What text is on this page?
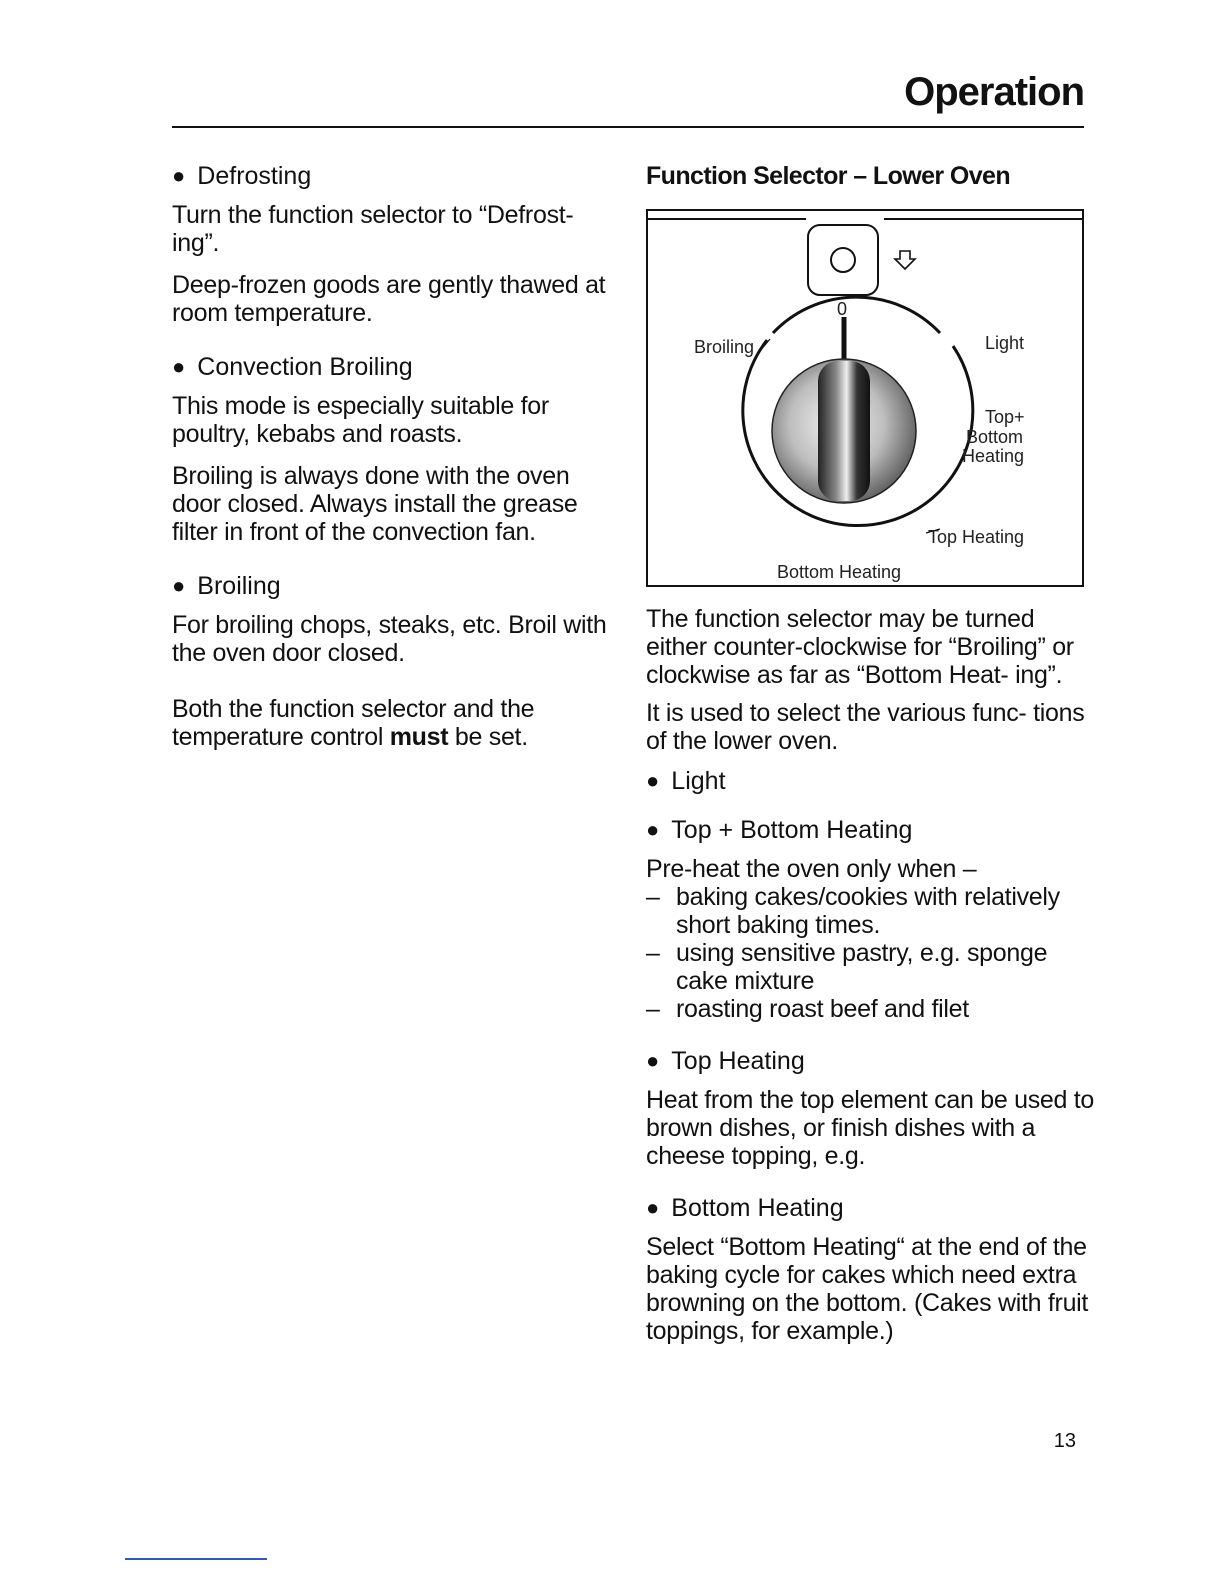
Operation

● Defrosting

Turn the function selector to “Defrost- ing”.

Deep-frozen goods are gently thawed at room temperature.

● Convection Broiling

This mode is especially suitable for poultry, kebabs and roasts.

Broiling is always done with the oven door closed. Always install the grease filter in front of the convection fan.

● Broiling

For broiling chops, steaks, etc. Broil with the oven door closed.

Both the function selector and the temperature control must be set.

Function Selector – Lower Oven

0
Broiling	Light
Top+
Bottom
Heating
Top Heating
Bottom Heating

The function selector may be turned either counter-clockwise for “Broiling” or clockwise as far as “Bottom Heat- ing”.

It is used to select the various func- tions of the lower oven.

● Light

● Top + Bottom Heating

Pre-heat the oven only when –

– baking cakes/cookies with relatively short baking times.
– using sensitive pastry, e.g. sponge cake mixture
– roasting roast beef and filet

● Top Heating

Heat from the top element can be used to brown dishes, or finish dishes with a cheese topping, e.g.

● Bottom Heating

Select “Bottom Heating“ at the end of the baking cycle for cakes which need extra browning on the bottom. (Cakes with fruit toppings, for example.)

13
